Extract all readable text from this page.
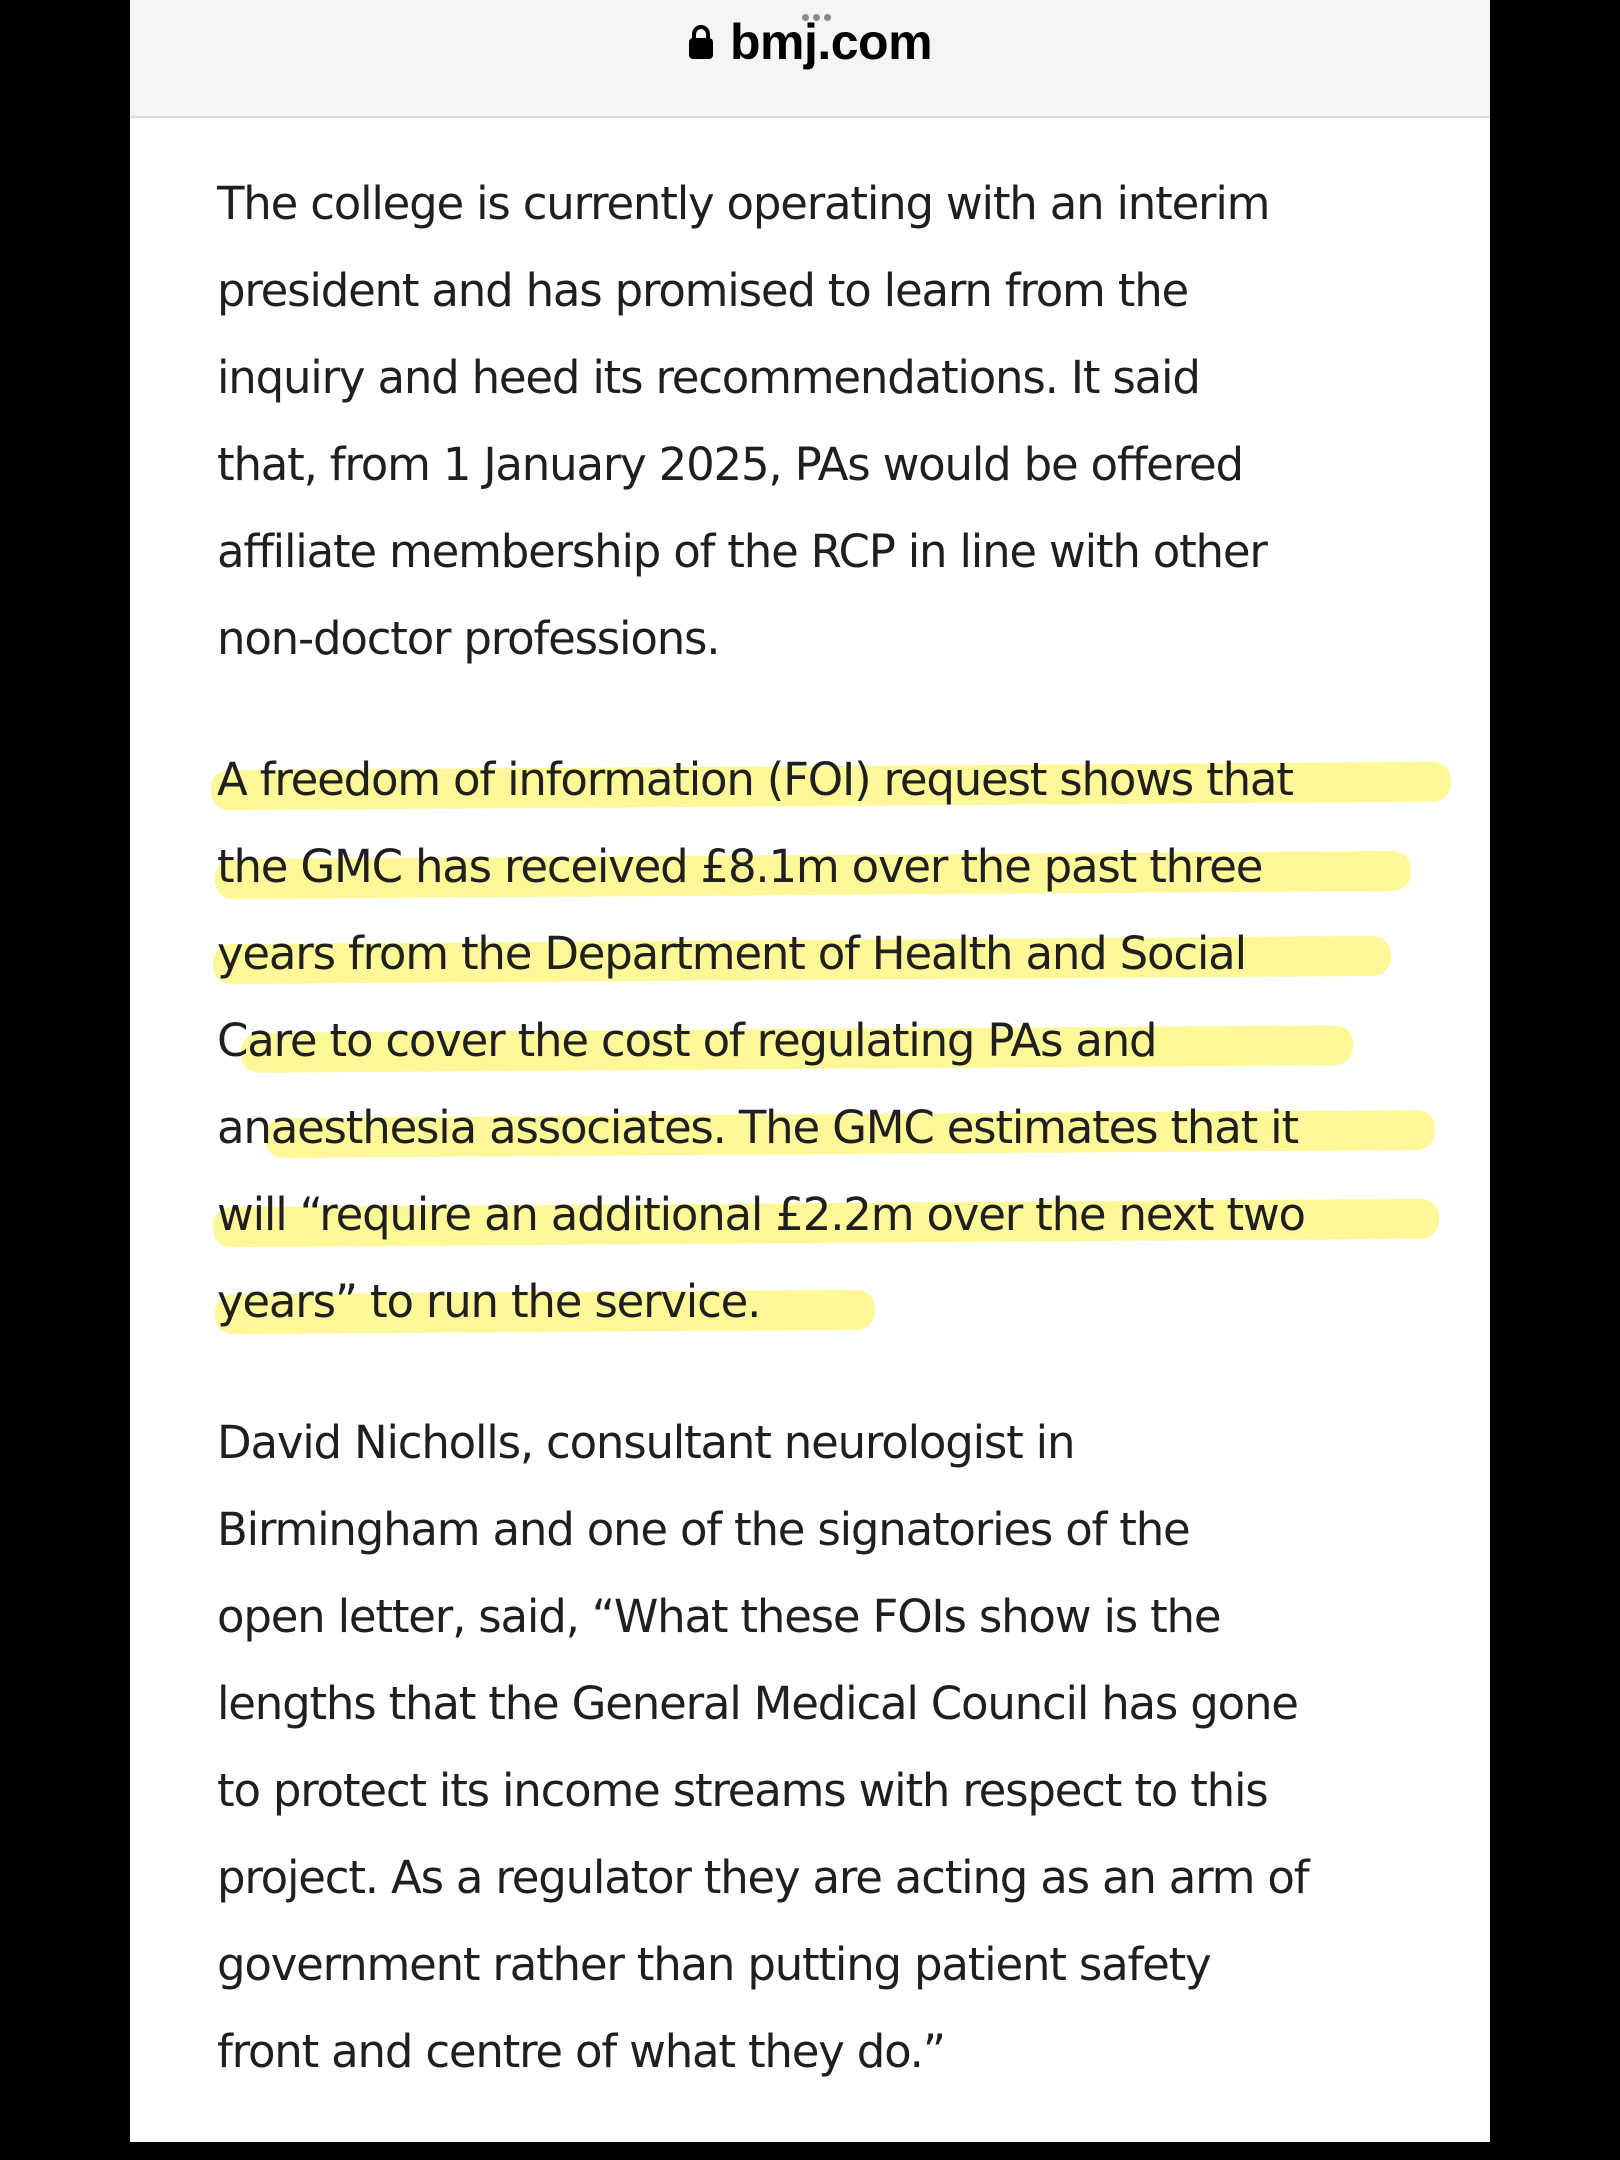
bmj.com

The college is currently operating with an interim
president and has promised to learn from the
inquiry and heed its recommendations. It said
that, from 1 January 2025, PAs would be offered
affiliate membership of the RCP in line with other
non-doctor professions.

A freedom of information (FOI) request shows that
the GMC has received £8.1m over the past three
years from the Department of Health and Social
Care to cover the cost of regulating PAs and
anaesthesia associates. The GMC estimates that it
will “require an additional £2.2m over the next two
years” to run the service.

David Nicholls, consultant neurologist in
Birmingham and one of the signatories of the
open letter, said, “What these FOIs show is the
lengths that the General Medical Council has gone
to protect its income streams with respect to this
project. As a regulator they are acting as an arm of
government rather than putting patient safety
front and centre of what they do.”
